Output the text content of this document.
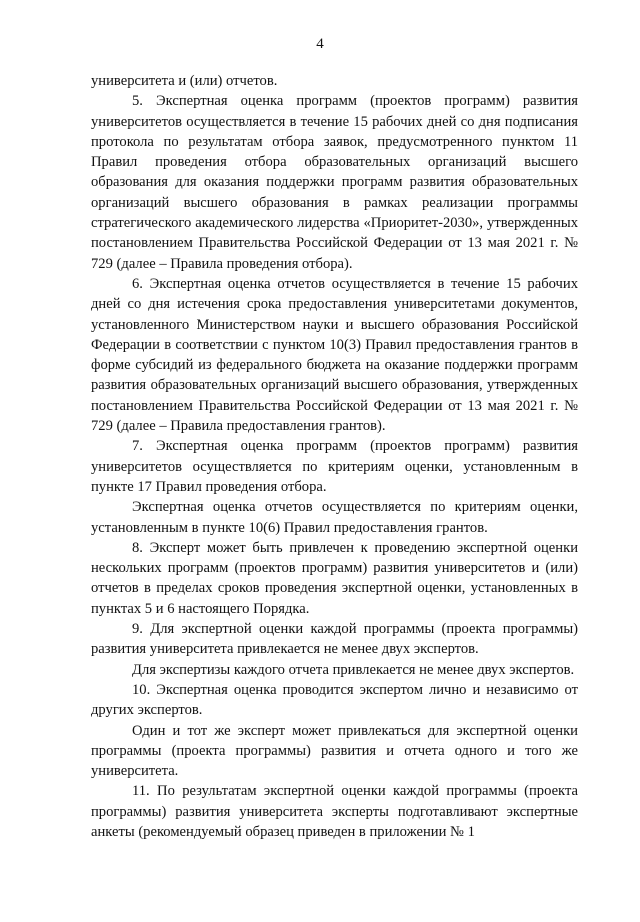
4

университета и (или) отчетов.

5. Экспертная оценка программ (проектов программ) развития университетов осуществляется в течение 15 рабочих дней со дня подписания протокола по результатам отбора заявок, предусмотренного пунктом 11 Правил проведения отбора образовательных организаций высшего образования для оказания поддержки программ развития образовательных организаций высшего образования в рамках реализации программы стратегического академического лидерства «Приоритет-2030», утвержденных постановлением Правительства Российской Федерации от 13 мая 2021 г. № 729 (далее – Правила проведения отбора).

6. Экспертная оценка отчетов осуществляется в течение 15 рабочих дней со дня истечения срока предоставления университетами документов, установленного Министерством науки и высшего образования Российской Федерации в соответствии с пунктом 10(3) Правил предоставления грантов в форме субсидий из федерального бюджета на оказание поддержки программ развития образовательных организаций высшего образования, утвержденных постановлением Правительства Российской Федерации от 13 мая 2021 г. № 729 (далее – Правила предоставления грантов).

7. Экспертная оценка программ (проектов программ) развития университетов осуществляется по критериям оценки, установленным в пункте 17 Правил проведения отбора.

Экспертная оценка отчетов осуществляется по критериям оценки, установленным в пункте 10(6) Правил предоставления грантов.

8. Эксперт может быть привлечен к проведению экспертной оценки нескольких программ (проектов программ) развития университетов и (или) отчетов в пределах сроков проведения экспертной оценки, установленных в пунктах 5 и 6 настоящего Порядка.

9. Для экспертной оценки каждой программы (проекта программы) развития университета привлекается не менее двух экспертов.

Для экспертизы каждого отчета привлекается не менее двух экспертов.

10. Экспертная оценка проводится экспертом лично и независимо от других экспертов.

Один и тот же эксперт может привлекаться для экспертной оценки программы (проекта программы) развития и отчета одного и того же университета.

11. По результатам экспертной оценки каждой программы (проекта программы) развития университета эксперты подготавливают экспертные анкеты (рекомендуемый образец приведен в приложении № 1
